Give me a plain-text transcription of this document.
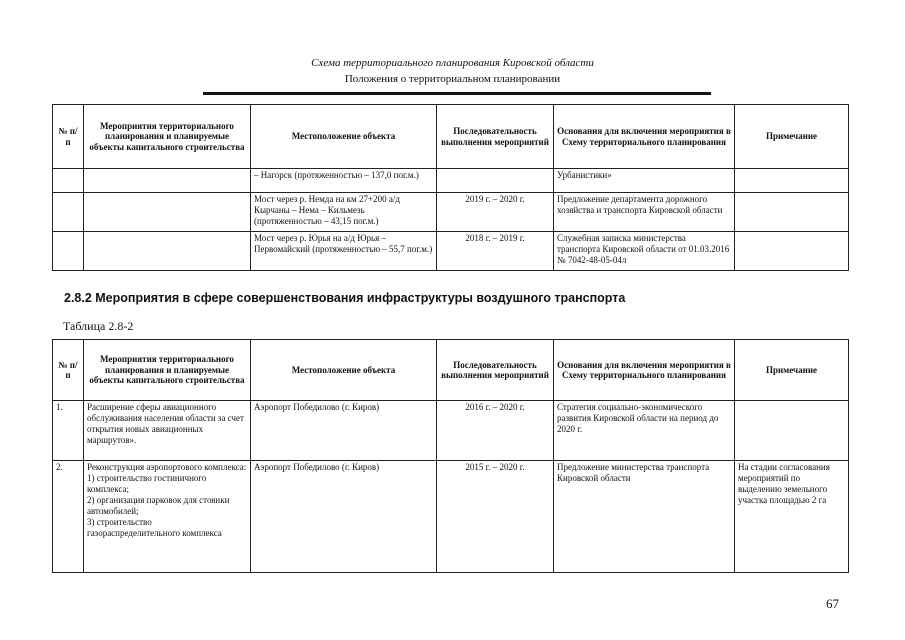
Схема территориального планирования Кировской области
Положения о территориальном планировании
№ п/п	Мероприятия территориального планирования и планируемые объекты капитального строительства	Местоположение объекта	Последовательность выполнения мероприятий	Основания для включения мероприятия в Схему территориального планирования	Примечание
		– Нагорск (протяженностью – 137,0 пог.м.)		Урбанистики»	
		Мост через р. Немда на км 27+200 а/д Кырчаны – Нема – Кильмезь (протяженностью – 43,15 пог.м.)	2019 г. – 2020 г.	Предложение департамента дорожного хозяйства и транспорта Кировской области	
		Мост через р. Юрья на а/д Юрья – Первомайский (протяженностью – 55,7 пог.м.)	2018 г. – 2019 г.	Служебная записка министерства транспорта Кировской области от 01.03.2016 № 7042-48-05-04л	
2.8.2 Мероприятия в сфере совершенствования инфраструктуры воздушного транспорта
Таблица 2.8-2
№ п/п	Мероприятия территориального планирования и планируемые объекты капитального строительства	Местоположение объекта	Последовательность выполнения мероприятий	Основания для включения мероприятия в Схему территориального планирования	Примечание
1.	Расширение сферы авиационного обслуживания населения области за счет открытия новых авиационных маршрутов».	Аэропорт Победилово (г. Киров)	2016 г. – 2020 г.	Стратегия социально-экономического развития Кировской области на период до 2020 г.	
2.	Реконструкция аэропортового комплекса:
1) строительство гостиничного комплекса;
2) организация парковок для стоянки автомобилей;
3) строительство газораспределительного комплекса	Аэропорт Победилово (г. Киров)	2015 г. – 2020 г.	Предложение министерства транспорта Кировской области	На стадии согласования мероприятий по выделению земельного участка площадью 2 га
67
